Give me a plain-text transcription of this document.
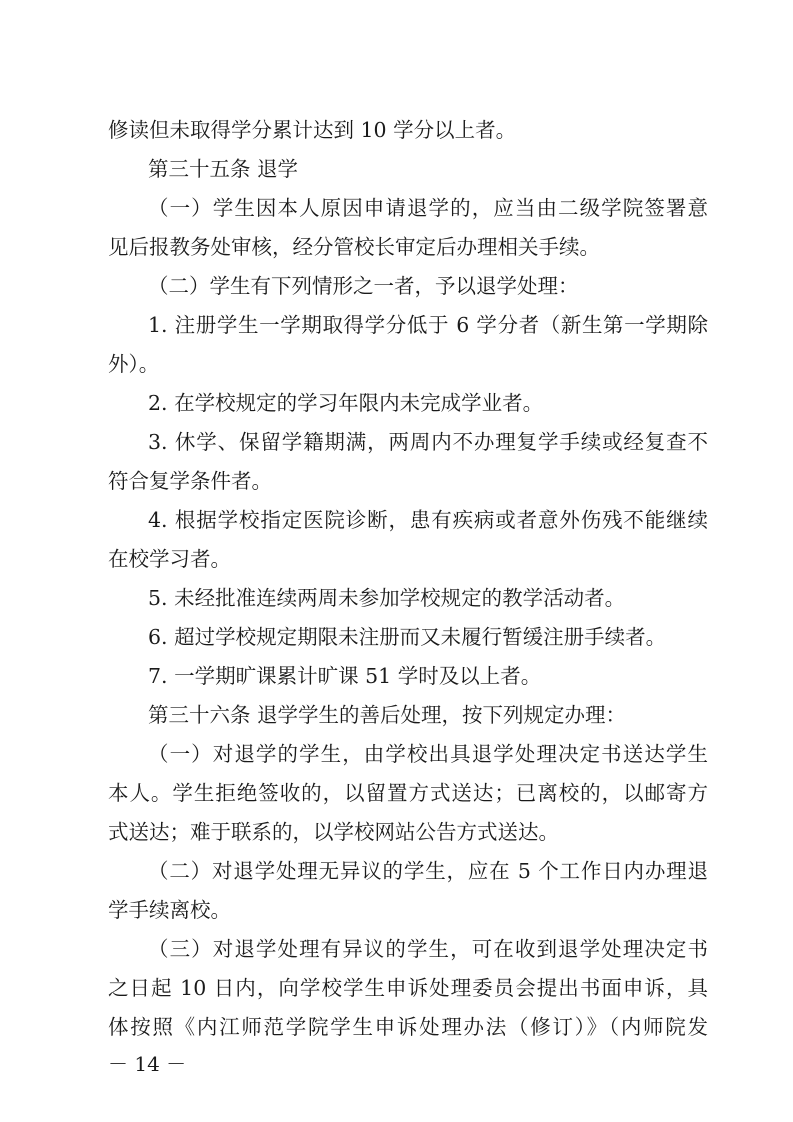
修读但未取得学分累计达到 10 学分以上者。
第三十五条 退学
（一）学生因本人原因申请退学的，应当由二级学院签署意
见后报教务处审核，经分管校长审定后办理相关手续。
（二）学生有下列情形之一者，予以退学处理：
1. 注册学生一学期取得学分低于 6 学分者（新生第一学期除
外）。
2. 在学校规定的学习年限内未完成学业者。
3. 休学、保留学籍期满，两周内不办理复学手续或经复查不
符合复学条件者。
4. 根据学校指定医院诊断，患有疾病或者意外伤残不能继续
在校学习者。
5. 未经批准连续两周未参加学校规定的教学活动者。
6. 超过学校规定期限未注册而又未履行暂缓注册手续者。
7. 一学期旷课累计旷课 51 学时及以上者。
第三十六条 退学学生的善后处理，按下列规定办理：
（一）对退学的学生，由学校出具退学处理决定书送达学生
本人。学生拒绝签收的，以留置方式送达；已离校的，以邮寄方
式送达；难于联系的，以学校网站公告方式送达。
（二）对退学处理无异议的学生，应在 5 个工作日内办理退
学手续离校。
（三）对退学处理有异议的学生，可在收到退学处理决定书
之日起 10 日内，向学校学生申诉处理委员会提出书面申诉，具
体按照《内江师范学院学生申诉处理办法（修订）》（内师院发
－ 14 －
